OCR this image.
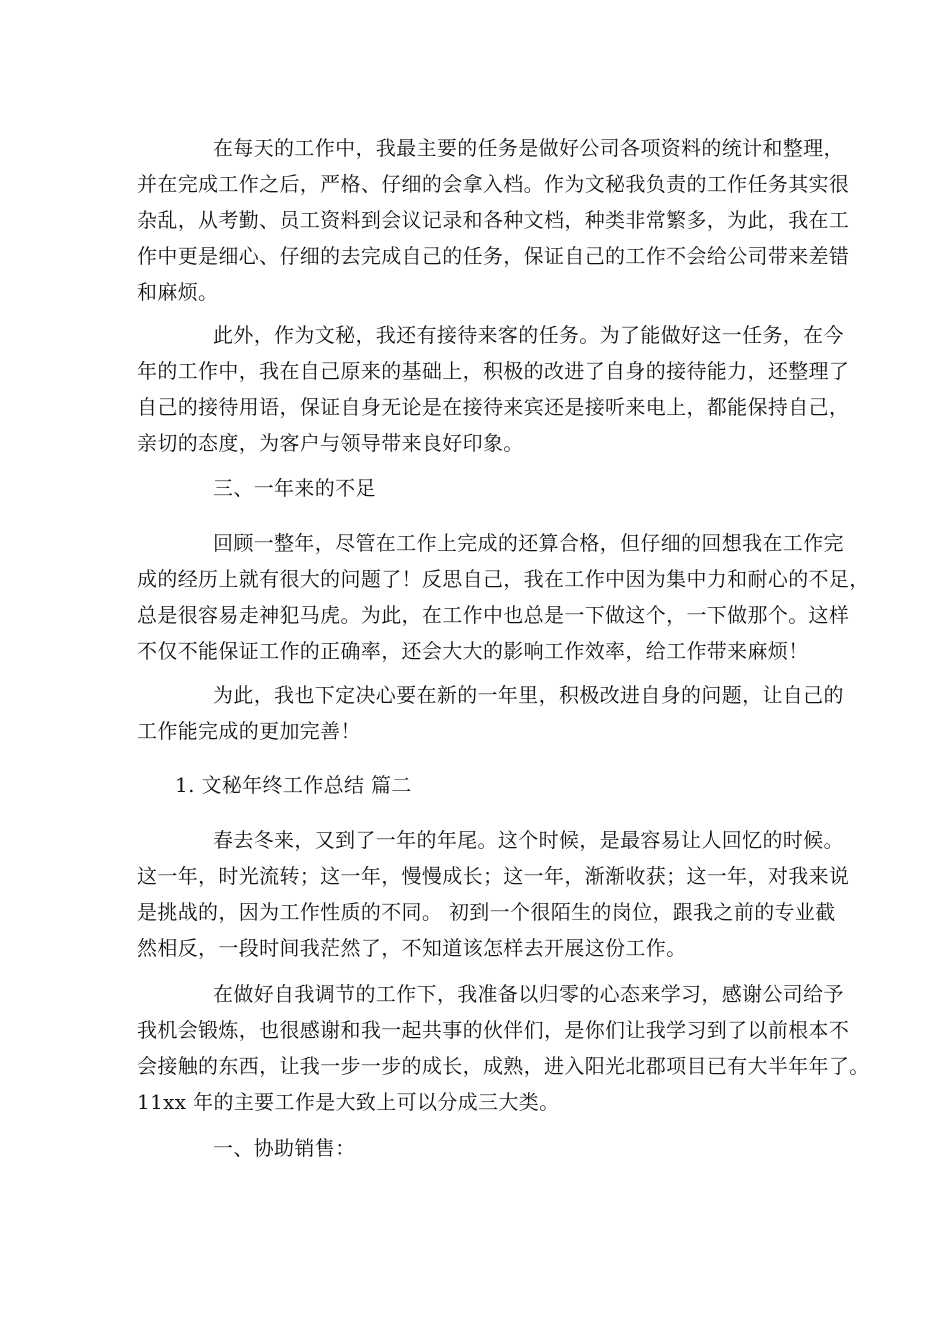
在每天的工作中，我最主要的任务是做好公司各项资料的统计和整理，
并在完成工作之后，严格、仔细的会拿入档。作为文秘我负责的工作任务其实很
杂乱，从考勤、员工资料到会议记录和各种文档，种类非常繁多，为此，我在工
作中更是细心、仔细的去完成自己的任务，保证自己的工作不会给公司带来差错
和麻烦。

此外，作为文秘，我还有接待来客的任务。为了能做好这一任务，在今
年的工作中，我在自己原来的基础上，积极的改进了自身的接待能力，还整理了
自己的接待用语，保证自身无论是在接待来宾还是接听来电上，都能保持自己，
亲切的态度，为客户与领导带来良好印象。

三、一年来的不足

回顾一整年，尽管在工作上完成的还算合格，但仔细的回想我在工作完
成的经历上就有很大的问题了！反思自己，我在工作中因为集中力和耐心的不足，
总是很容易走神犯马虎。为此，在工作中也总是一下做这个，一下做那个。这样
不仅不能保证工作的正确率，还会大大的影响工作效率，给工作带来麻烦！

为此，我也下定决心要在新的一年里，积极改进自身的问题，让自己的
工作能完成的更加完善！

1. 文秘年终工作总结 篇二

春去冬来，又到了一年的年尾。这个时候，是最容易让人回忆的时候。
这一年，时光流转；这一年，慢慢成长；这一年，渐渐收获；这一年，对我来说
是挑战的，因为工作性质的不同。 初到一个很陌生的岗位，跟我之前的专业截
然相反，一段时间我茫然了，不知道该怎样去开展这份工作。

在做好自我调节的工作下，我准备以归零的心态来学习，感谢公司给予
我机会锻炼，也很感谢和我一起共事的伙伴们，是你们让我学习到了以前根本不
会接触的东西，让我一步一步的成长，成熟，进入阳光北郡项目已有大半年年了。
11xx 年的主要工作是大致上可以分成三大类。

一、协助销售：
